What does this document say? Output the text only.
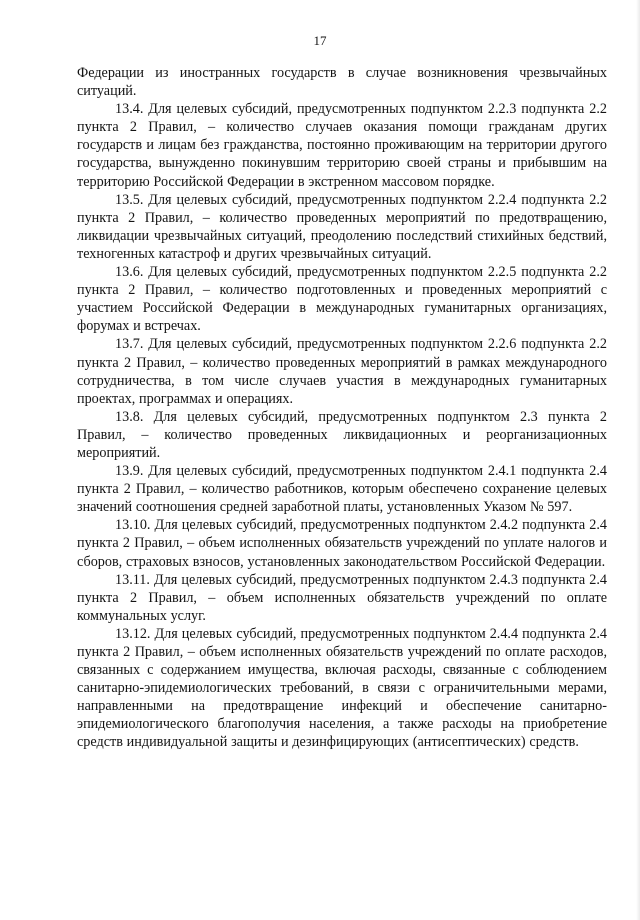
17

Федерации из иностранных государств в случае возникновения чрезвычайных ситуаций.

13.4. Для целевых субсидий, предусмотренных подпунктом 2.2.3 подпункта 2.2 пункта 2 Правил, – количество случаев оказания помощи гражданам других государств и лицам без гражданства, постоянно проживающим на территории другого государства, вынужденно покинувшим территорию своей страны и прибывшим на территорию Российской Федерации в экстренном массовом порядке.

13.5. Для целевых субсидий, предусмотренных подпунктом 2.2.4 подпункта 2.2 пункта 2 Правил, – количество проведенных мероприятий по предотвращению, ликвидации чрезвычайных ситуаций, преодолению последствий стихийных бедствий, техногенных катастроф и других чрезвычайных ситуаций.

13.6. Для целевых субсидий, предусмотренных подпунктом 2.2.5 подпункта 2.2 пункта 2 Правил, – количество подготовленных и проведенных мероприятий с участием Российской Федерации в международных гуманитарных организациях, форумах и встречах.

13.7. Для целевых субсидий, предусмотренных подпунктом 2.2.6 подпункта 2.2 пункта 2 Правил, – количество проведенных мероприятий в рамках международного сотрудничества, в том числе случаев участия в международных гуманитарных проектах, программах и операциях.

13.8. Для целевых субсидий, предусмотренных подпунктом 2.3 пункта 2 Правил, – количество проведенных ликвидационных и реорганизационных мероприятий.

13.9. Для целевых субсидий, предусмотренных подпунктом 2.4.1 подпункта 2.4 пункта 2 Правил, – количество работников, которым обеспечено сохранение целевых значений соотношения средней заработной платы, установленных Указом № 597.

13.10. Для целевых субсидий, предусмотренных подпунктом 2.4.2 подпункта 2.4 пункта 2 Правил, – объем исполненных обязательств учреждений по уплате налогов и сборов, страховых взносов, установленных законодательством Российской Федерации.

13.11. Для целевых субсидий, предусмотренных подпунктом 2.4.3 подпункта 2.4 пункта 2 Правил, – объем исполненных обязательств учреждений по оплате коммунальных услуг.

13.12. Для целевых субсидий, предусмотренных подпунктом 2.4.4 подпункта 2.4 пункта 2 Правил, – объем исполненных обязательств учреждений по оплате расходов, связанных с содержанием имущества, включая расходы, связанные с соблюдением санитарно-эпидемиологических требований, в связи с ограничительными мерами, направленными на предотвращение инфекций и обеспечение санитарно-эпидемиологического благополучия населения, а также расходы на приобретение средств индивидуальной защиты и дезинфицирующих (антисептических) средств.
